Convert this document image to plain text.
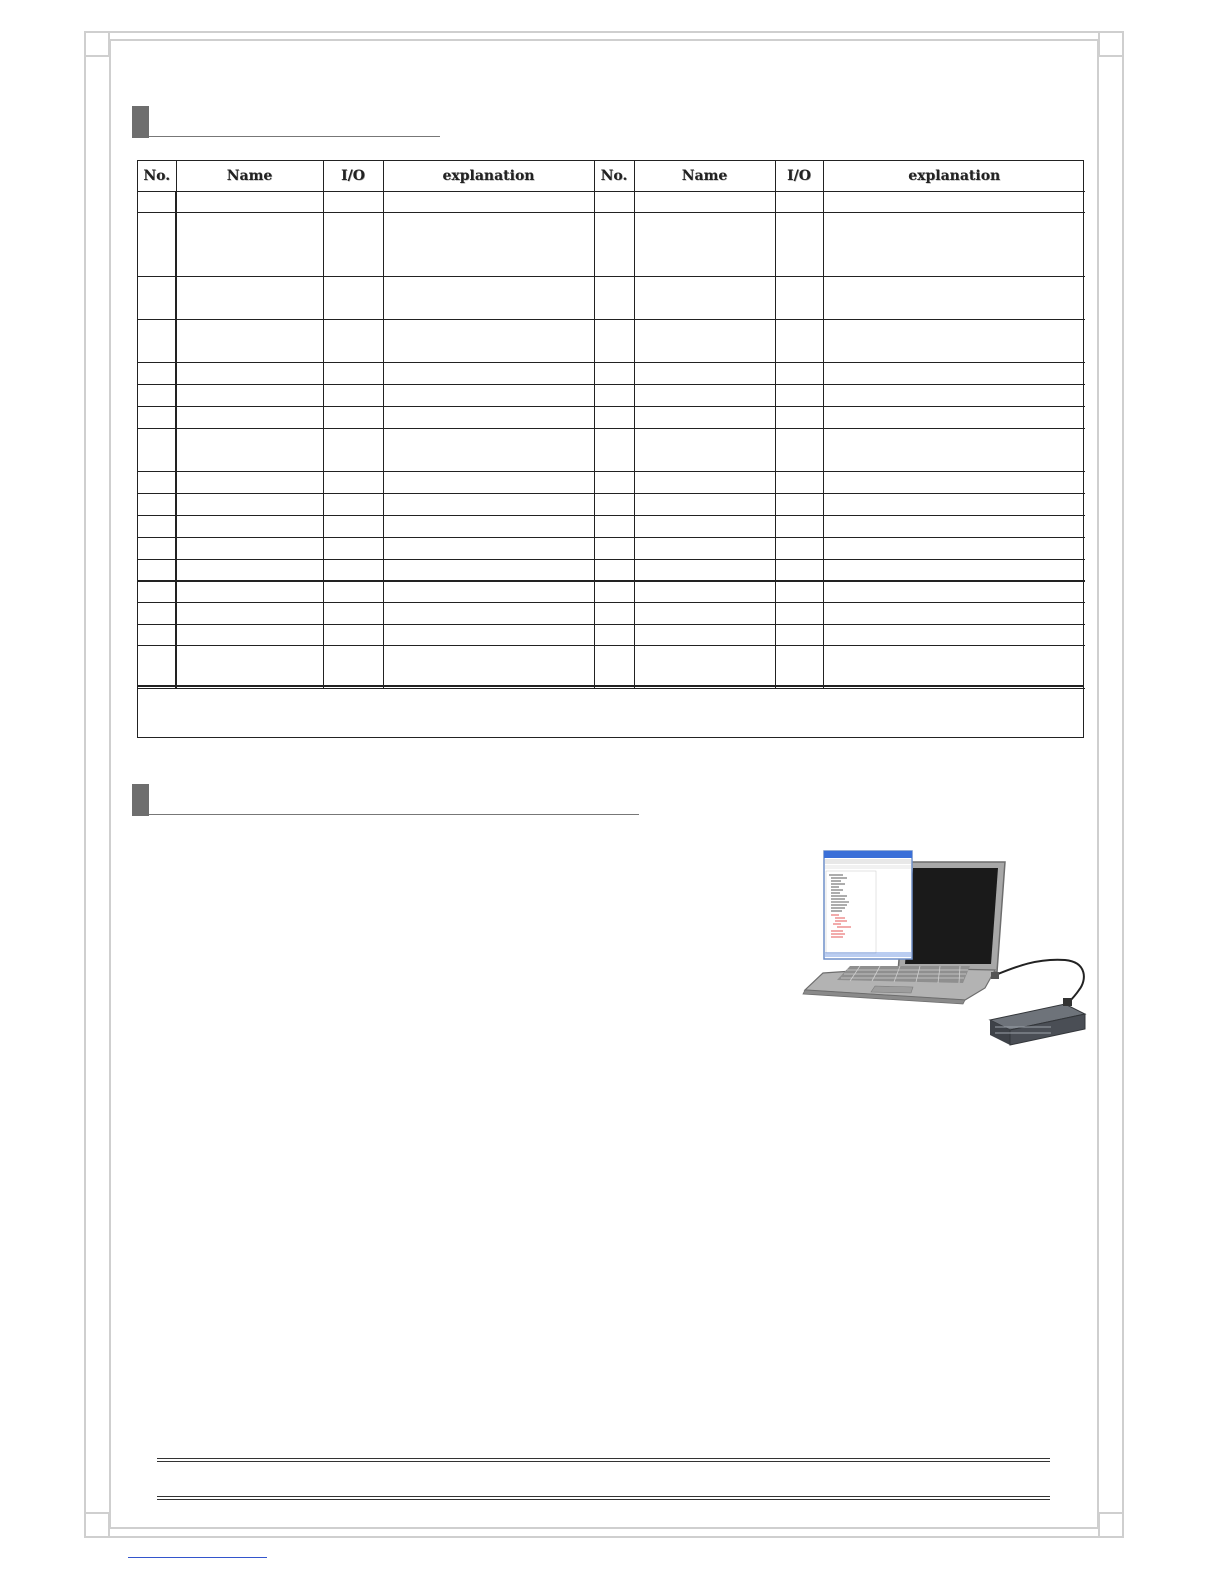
No.	Name	I/O	explanation	No.	Name	I/O	explanation
